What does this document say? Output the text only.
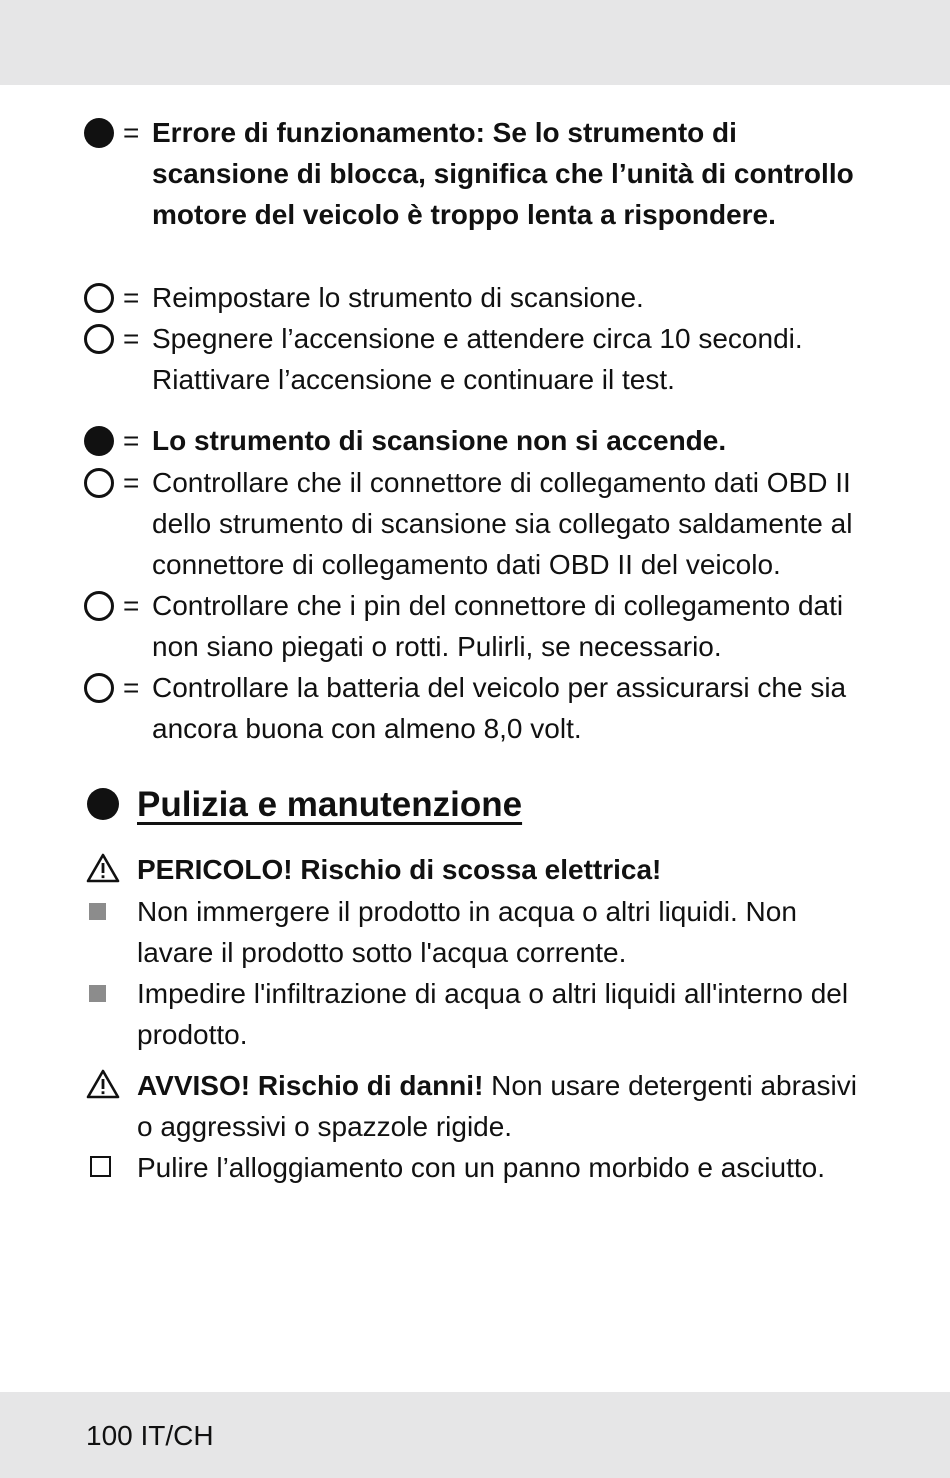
= Errore di funzionamento: Se lo strumento di scansione di blocca, significa che l’unità di controllo motore del veicolo è troppo lenta a rispondere.
= Reimpostare lo strumento di scansione.
= Spegnere l’accensione e attendere circa 10 secondi. Riattivare l’accensione e continuare il test.
= Lo strumento di scansione non si accende.
= Controllare che il connettore di collegamento dati OBD II dello strumento di scansione sia collegato saldamente al connettore di collegamento dati OBD II del veicolo.
= Controllare che i pin del connettore di collegamento dati non siano piegati o rotti. Pulirli, se necessario.
= Controllare la batteria del veicolo per assicurarsi che sia ancora buona con almeno 8,0 volt.
Pulizia e manutenzione
PERICOLO! Rischio di scossa elettrica!
Non immergere il prodotto in acqua o altri liquidi. Non lavare il prodotto sotto l'acqua corrente.
Impedire l'infiltrazione di acqua o altri liquidi all'interno del prodotto.
AVVISO! Rischio di danni! Non usare detergenti abrasivi o aggressivi o spazzole rigide.
Pulire l’alloggiamento con un panno morbido e asciutto.
100 IT/CH
